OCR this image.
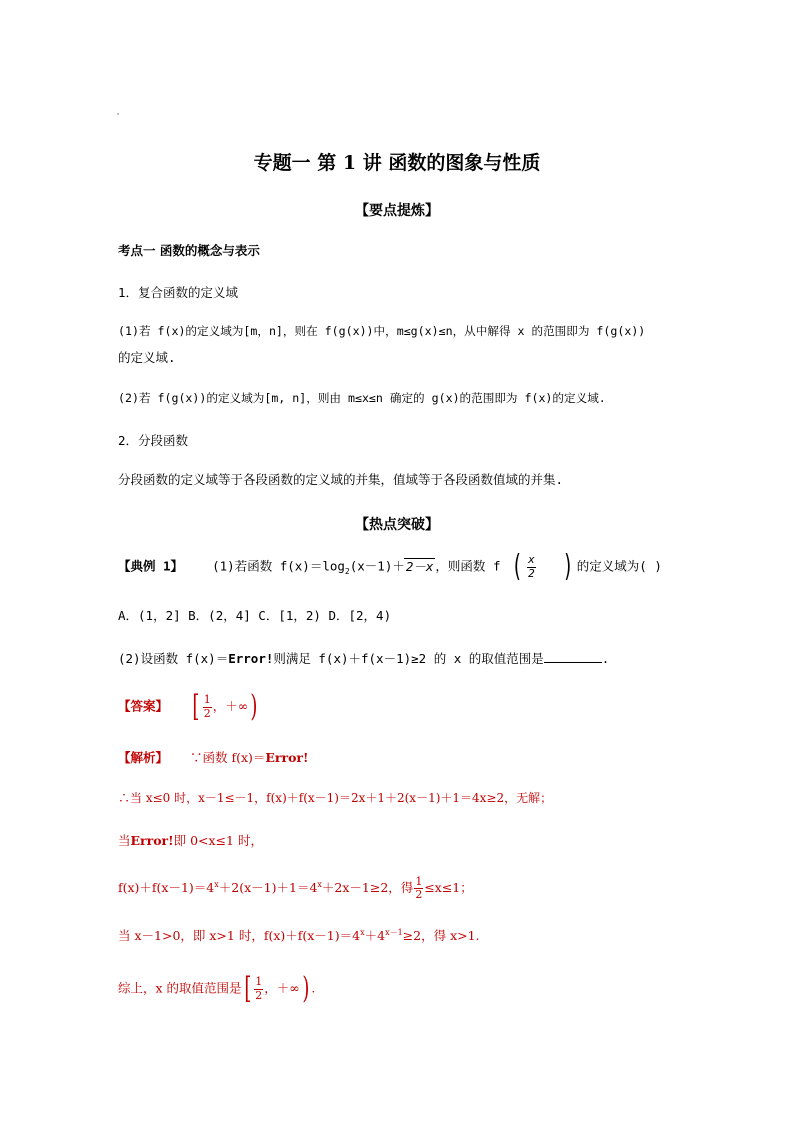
专题一 第 1 讲 函数的图象与性质
【要点提炼】
考点一 函数的概念与表示
1．复合函数的定义域
(1)若 f(x)的定义域为[m，n]，则在 f(g(x))中，m≤g(x)≤n，从中解得 x 的范围即为 f(g(x))
的定义域.
(2)若 f(g(x))的定义域为[m, n]，则由 m≤x≤n 确定的 g(x)的范围即为 f(x)的定义域.
2．分段函数
分段函数的定义域等于各段函数的定义域的并集，值域等于各段函数值域的并集.
【热点突破】
【典例 1】 (1)若函数 $f(x)=\log_2(x-1)+2-x$ ，则函数 f ( $\frac{x}{2}$ ) 的定义域为( )
A．(1，2] B．(2，4] C．[1，2) D．[2，4)
(2)设函数 f(x)＝Error!则满足 f(x)＋f(x－1)≥2 的 x 的取值范围是	.
【答案】 [ $\frac{1}{2}$ ，＋∞)
【解析】 ∵函数 f(x)＝Error!
∴当 x≤0 时，x－1≤－1，f(x)＋f(x－1)＝2x＋1＋2(x－1)＋1＝4x≥2，无解；
当Error!即 0<x≤1 时，
$f(x)+f(x-1)=4^x+2(x-1)+1=4^x+2x-1\ge 2$，得 $\frac{1}{2} \le x\le 1$；
当 x－1>0，即 x>1 时，$f(x)+f(x-1)=4^x+4^{x-1}\ge 2$，得 x>1.
综上，x 的取值范围是[ $\frac{1}{2}$ ，＋∞) .
